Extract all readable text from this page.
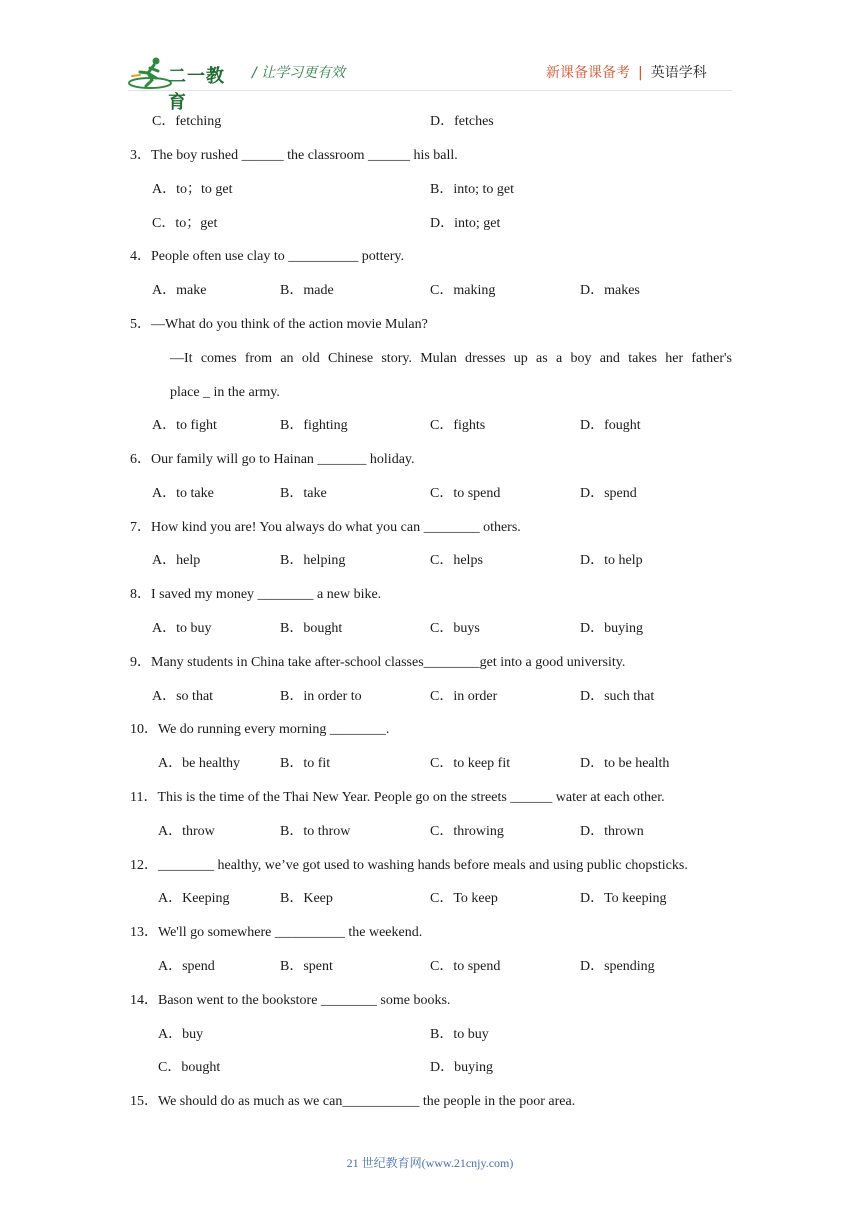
二一教育
/ 让学习更有效	新课备课备考 | 英语学科
C．fetching	D．fetches
3．The boy rushed ______ the classroom ______ his ball.
A．to；to get	B．into; to get
C．to；get	D．into; get
4．People often use clay to __________ pottery.
A．make	B．made	C．making	D．makes
5．―What do you think of the action movie Mulan?
―It comes from an old Chinese story. Mulan dresses up as a boy and takes her father's
place _ in the army.
A．to fight	B．fighting	C．fights	D．fought
6．Our family will go to Hainan _______ holiday.
A．to take	B．take	C．to spend	D．spend
7．How kind you are! You always do what you can ________ others.
A．help	B．helping	C．helps	D．to help
8．I saved my money ________ a new bike.
A．to buy	B．bought	C．buys	D．buying
9．Many students in China take after-school classes________get into a good university.
A．so that	B．in order to	C．in order	D．such that
10．We do running every morning ________.
A．be healthy	B．to fit	C．to keep fit	D．to be health
11．This is the time of the Thai New Year. People go on the streets ______ water at each other.
A．throw	B．to throw	C．throwing	D．thrown
12．________ healthy, we’ve got used to washing hands before meals and using public chopsticks.
A．Keeping	B．Keep	C．To keep	D．To keeping
13．We'll go somewhere __________ the weekend.
A．spend	B．spent	C．to spend	D．spending
14．Bason went to the bookstore ________ some books.
A．buy	B．to buy
C．bought	D．buying
15．We should do as much as we can___________ the people in the poor area.
21 世纪教育网(www.21cnjy.com)
